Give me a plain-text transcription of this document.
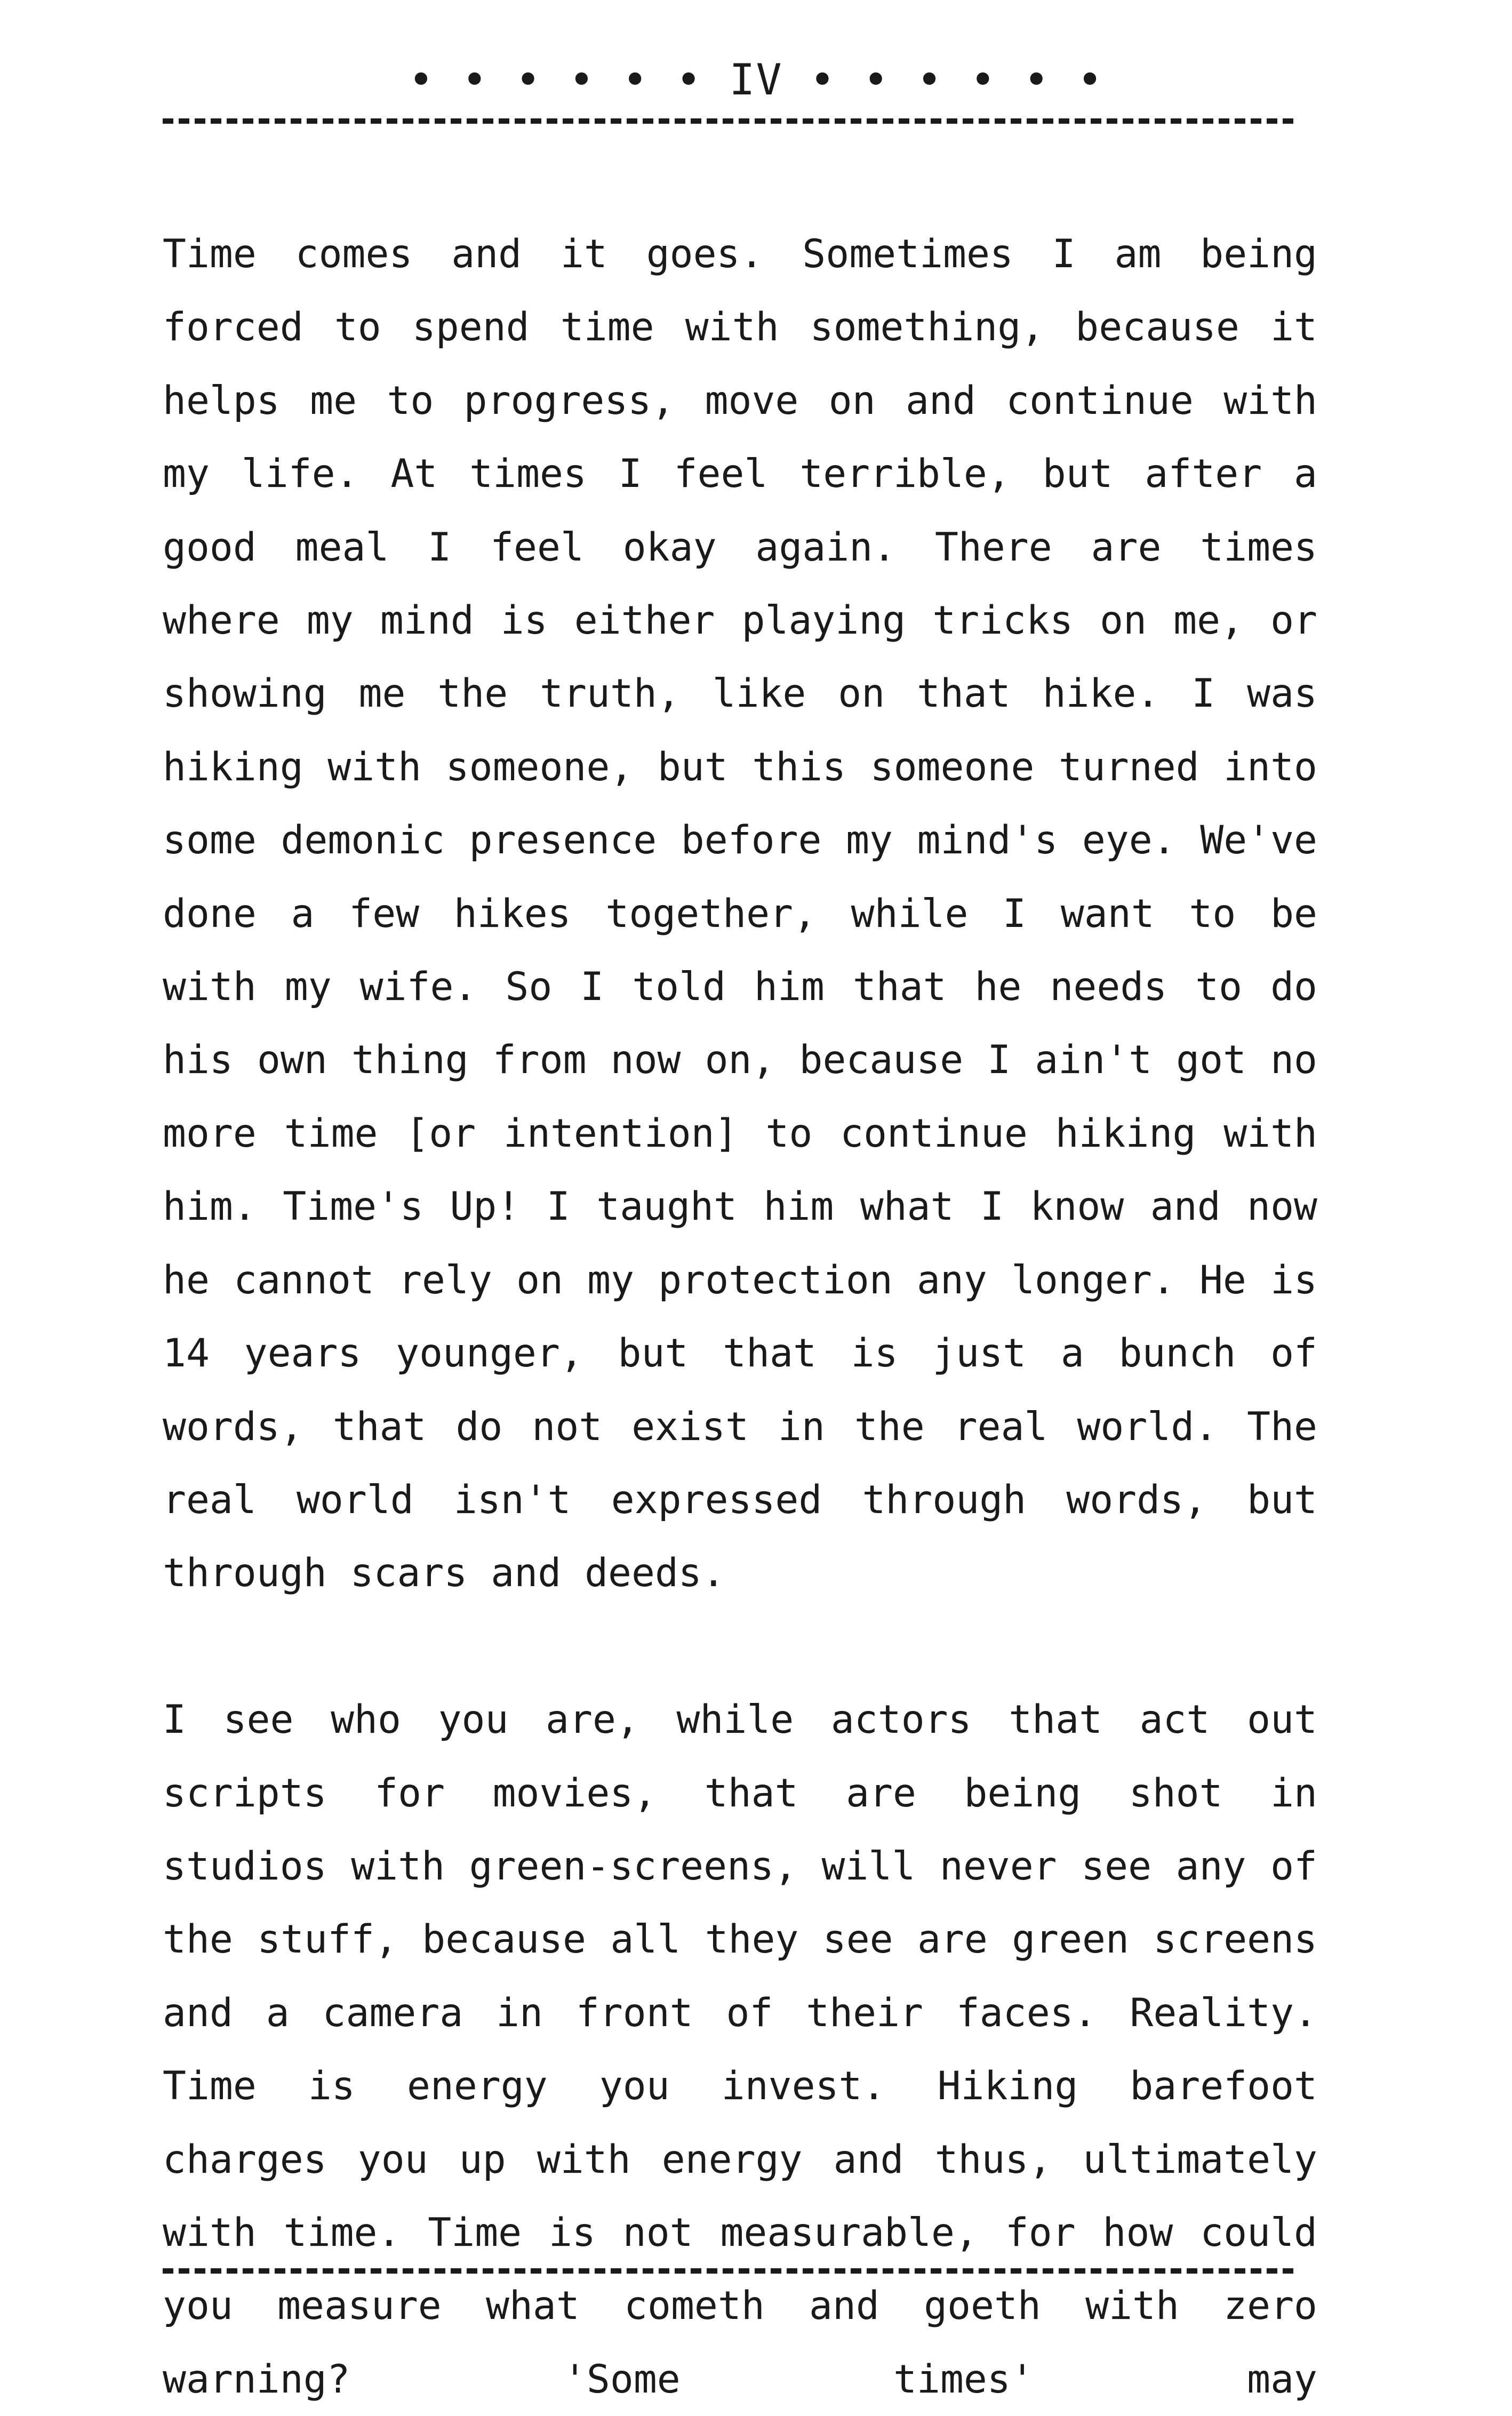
• • • • • • IV • • • • • •

Time comes and it goes. Sometimes I am being forced to spend time with something, because it helps me to progress, move on and continue with my life. At times I feel terrible, but after a good meal I feel okay again. There are times where my mind is either playing tricks on me, or showing me the truth, like on that hike. I was hiking with someone, but this someone turned into some demonic presence before my mind's eye. We've done a few hikes together, while I want to be with my wife. So I told him that he needs to do his own thing from now on, because I ain't got no more time [or intention] to continue hiking with him. Time's Up! I taught him what I know and now he cannot rely on my protection any longer. He is 14 years younger, but that is just a bunch of words, that do not exist in the real world. The real world isn't expressed through words, but through scars and deeds.

I see who you are, while actors that act out scripts for movies, that are being shot in studios with green-screens, will never see any of the stuff, because all they see are green screens and a camera in front of their faces. Reality. Time is energy you invest. Hiking barefoot charges you up with energy and thus, ultimately with time. Time is not measurable, for how could you measure what cometh and goeth with zero warning? 'Some times' may
